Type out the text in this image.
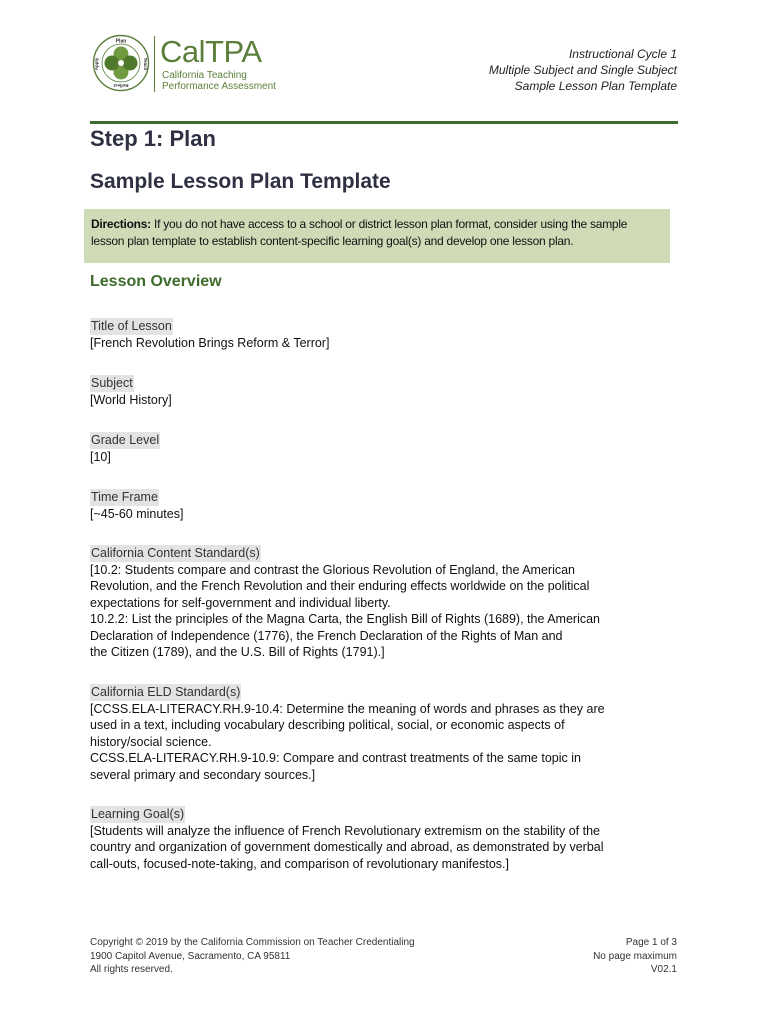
Plan
Teach
Reflect
Apply CalTPA
California Teaching
Performance Assessment
Instructional Cycle 1
Multiple Subject and Single Subject
Sample Lesson Plan Template
Step 1: Plan
Sample Lesson Plan Template
Directions: If you do not have access to a school or district lesson plan format, consider using the sample lesson plan template to establish content-specific learning goal(s) and develop one lesson plan.
Lesson Overview
Title of Lesson
[French Revolution Brings Reform & Terror]
Subject
[World History]
Grade Level
[10]
Time Frame
[~45-60 minutes]
California Content Standard(s)
[10.2: Students compare and contrast the Glorious Revolution of England, the American
Revolution, and the French Revolution and their enduring effects worldwide on the political
expectations for self-government and individual liberty.
10.2.2: List the principles of the Magna Carta, the English Bill of Rights (1689), the American
Declaration of Independence (1776), the French Declaration of the Rights of Man and
the Citizen (1789), and the U.S. Bill of Rights (1791).]
California ELD Standard(s)
[CCSS.ELA-LITERACY.RH.9-10.4: Determine the meaning of words and phrases as they are
used in a text, including vocabulary describing political, social, or economic aspects of
history/social science.
CCSS.ELA-LITERACY.RH.9-10.9: Compare and contrast treatments of the same topic in
several primary and secondary sources.]
Learning Goal(s)
[Students will analyze the influence of French Revolutionary extremism on the stability of the
country and organization of government domestically and abroad, as demonstrated by verbal
call-outs, focused-note-taking, and comparison of revolutionary manifestos.]
Copyright © 2019 by the California Commission on Teacher Credentialing
1900 Capitol Avenue, Sacramento, CA 95811
All rights reserved.
Page 1 of 3
No page maximum
V02.1
